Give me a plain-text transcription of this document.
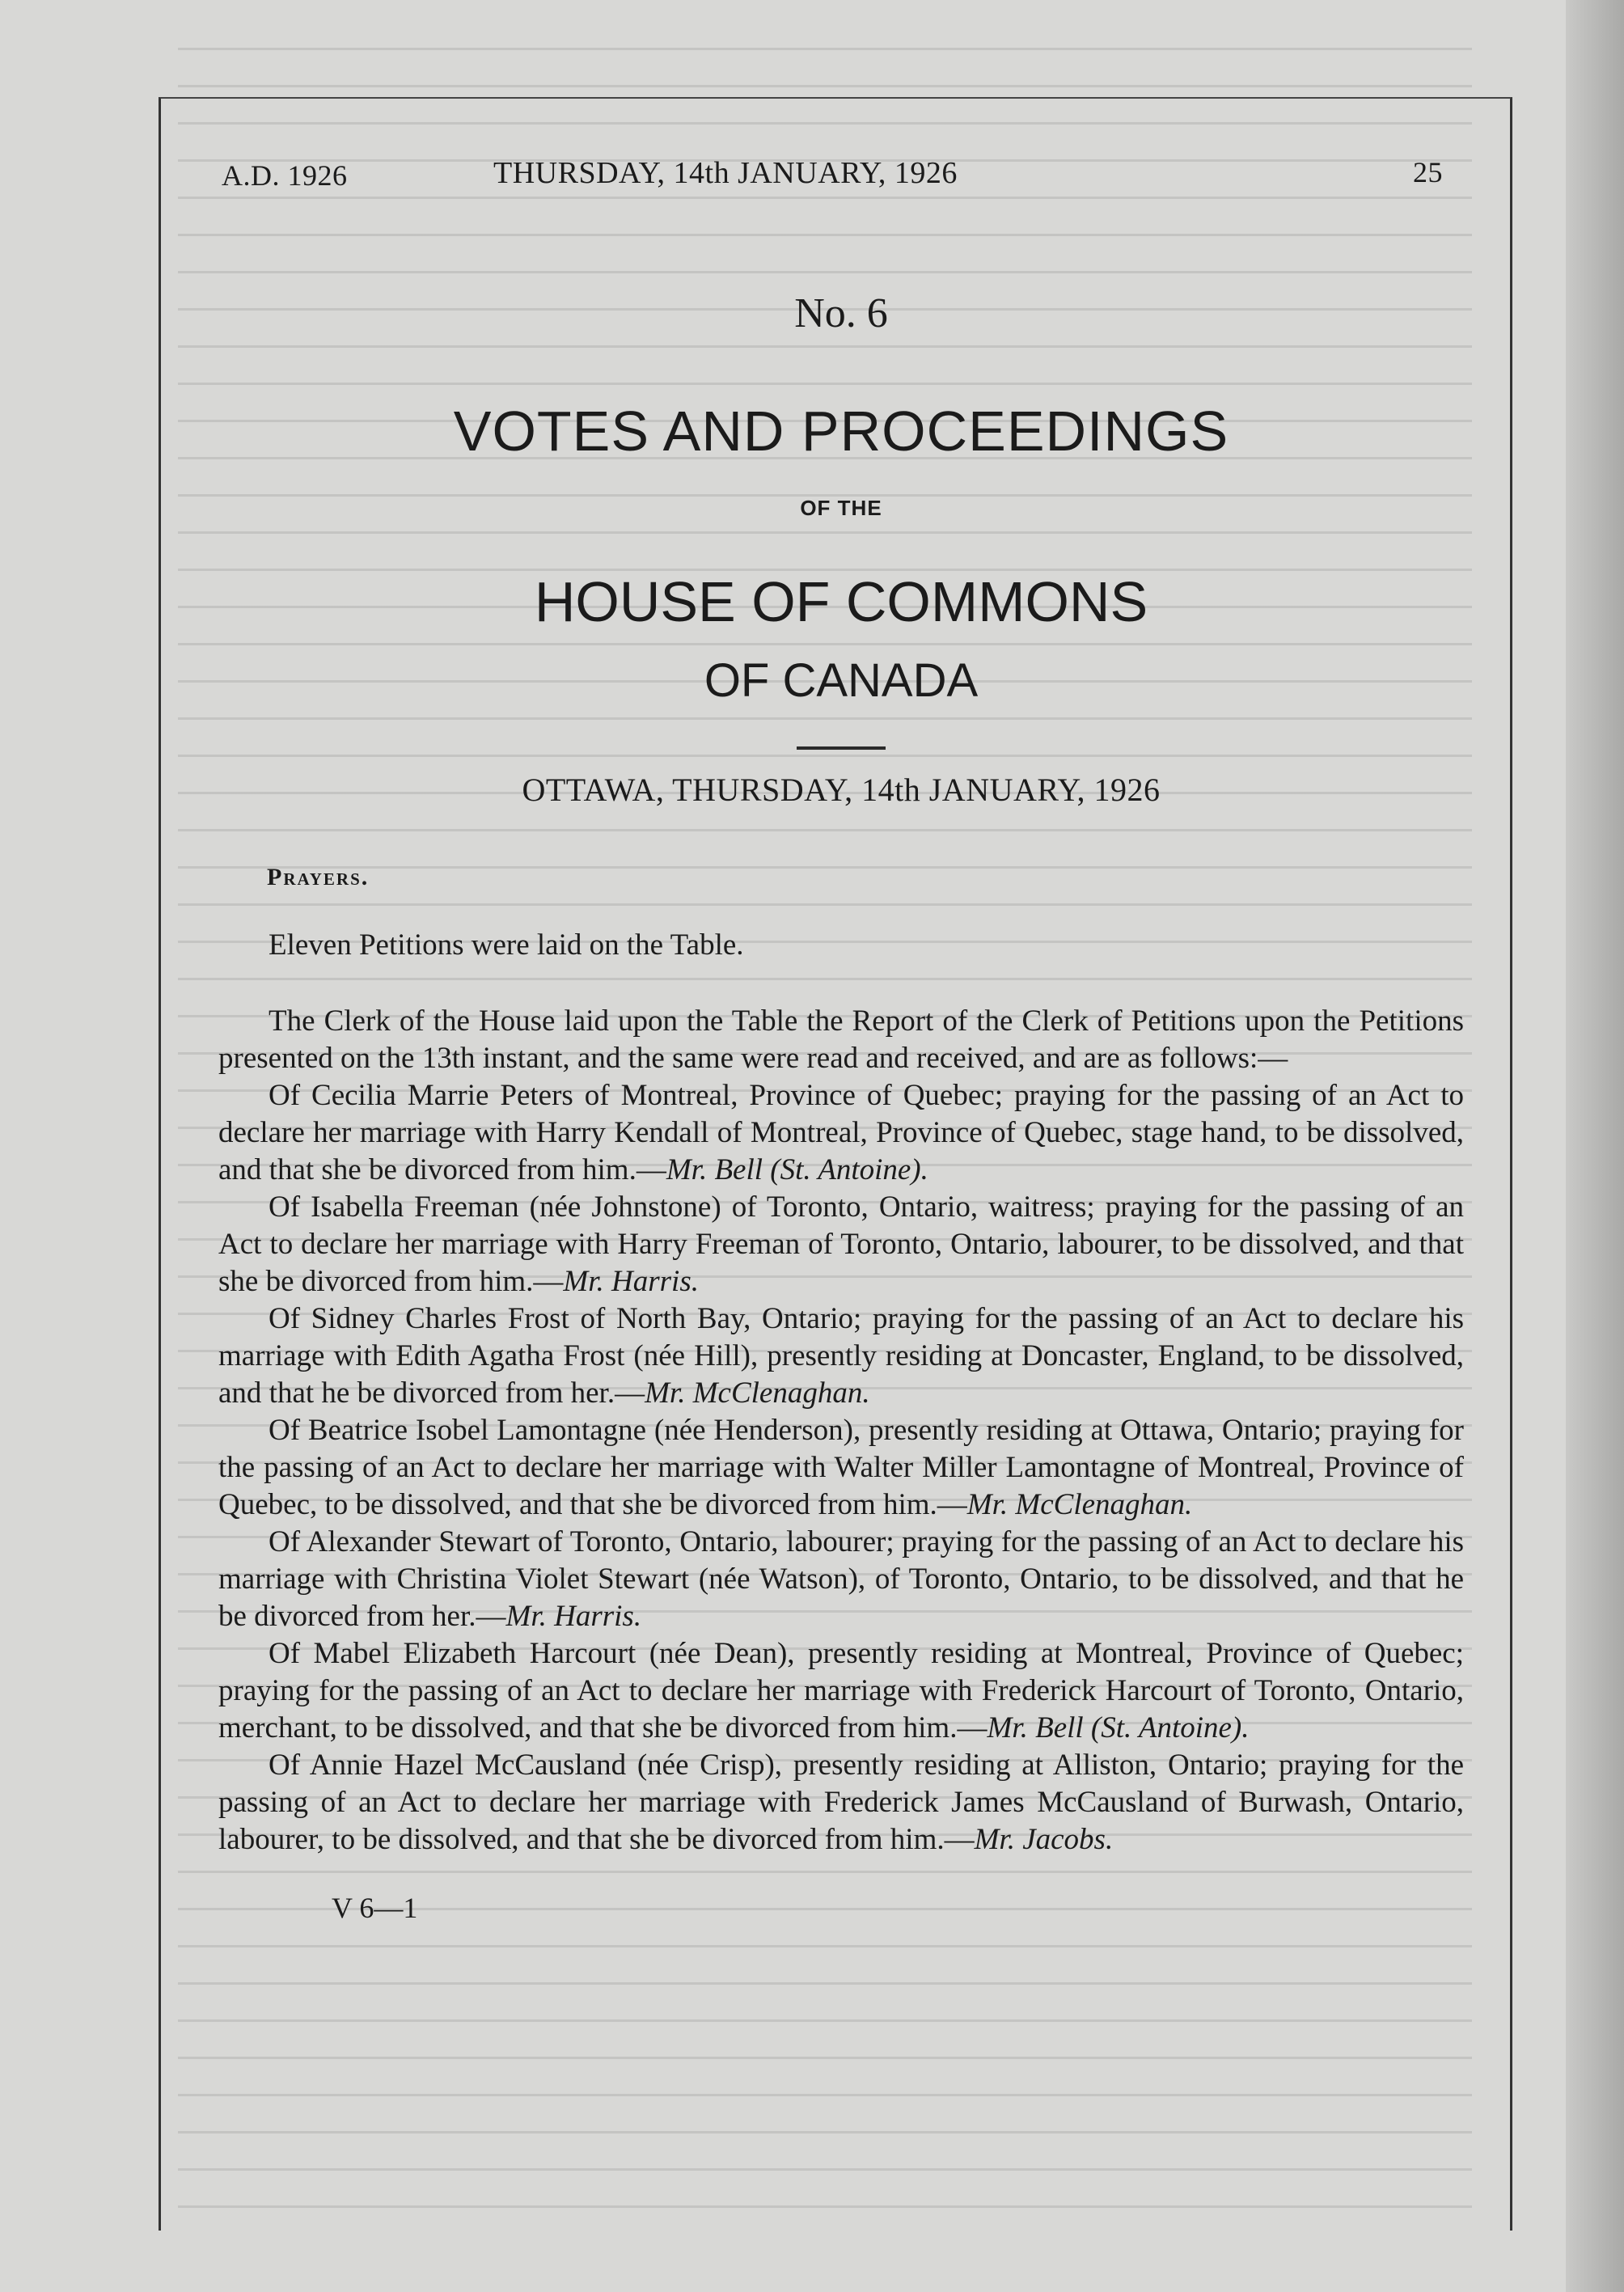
A.D. 1926	THURSDAY, 14th JANUARY, 1926	25
No. 6
VOTES AND PROCEEDINGS
OF THE
HOUSE OF COMMONS
OF CANADA
OTTAWA, THURSDAY, 14th JANUARY, 1926
Prayers.

Eleven Petitions were laid on the Table.

The Clerk of the House laid upon the Table the Report of the Clerk of Petitions upon the Petitions presented on the 13th instant, and the same were read and received, and are as follows:—

Of Cecilia Marrie Peters of Montreal, Province of Quebec; praying for the passing of an Act to declare her marriage with Harry Kendall of Montreal, Province of Quebec, stage hand, to be dissolved, and that she be divorced from him.—Mr. Bell (St. Antoine).

Of Isabella Freeman (née Johnstone) of Toronto, Ontario, waitress; praying for the passing of an Act to declare her marriage with Harry Freeman of Toronto, Ontario, labourer, to be dissolved, and that she be divorced from him.—Mr. Harris.

Of Sidney Charles Frost of North Bay, Ontario; praying for the passing of an Act to declare his marriage with Edith Agatha Frost (née Hill), presently residing at Doncaster, England, to be dissolved, and that he be divorced from her.—Mr. McClenaghan.

Of Beatrice Isobel Lamontagne (née Henderson), presently residing at Ottawa, Ontario; praying for the passing of an Act to declare her marriage with Walter Miller Lamontagne of Montreal, Province of Quebec, to be dissolved, and that she be divorced from him.—Mr. McClenaghan.

Of Alexander Stewart of Toronto, Ontario, labourer; praying for the passing of an Act to declare his marriage with Christina Violet Stewart (née Watson), of Toronto, Ontario, to be dissolved, and that he be divorced from her.—Mr. Harris.

Of Mabel Elizabeth Harcourt (née Dean), presently residing at Montreal, Province of Quebec; praying for the passing of an Act to declare her marriage with Frederick Harcourt of Toronto, Ontario, merchant, to be dissolved, and that she be divorced from him.—Mr. Bell (St. Antoine).

Of Annie Hazel McCausland (née Crisp), presently residing at Alliston, Ontario; praying for the passing of an Act to declare her marriage with Frederick James McCausland of Burwash, Ontario, labourer, to be dissolved, and that she be divorced from him.—Mr. Jacobs.

V 6—1
